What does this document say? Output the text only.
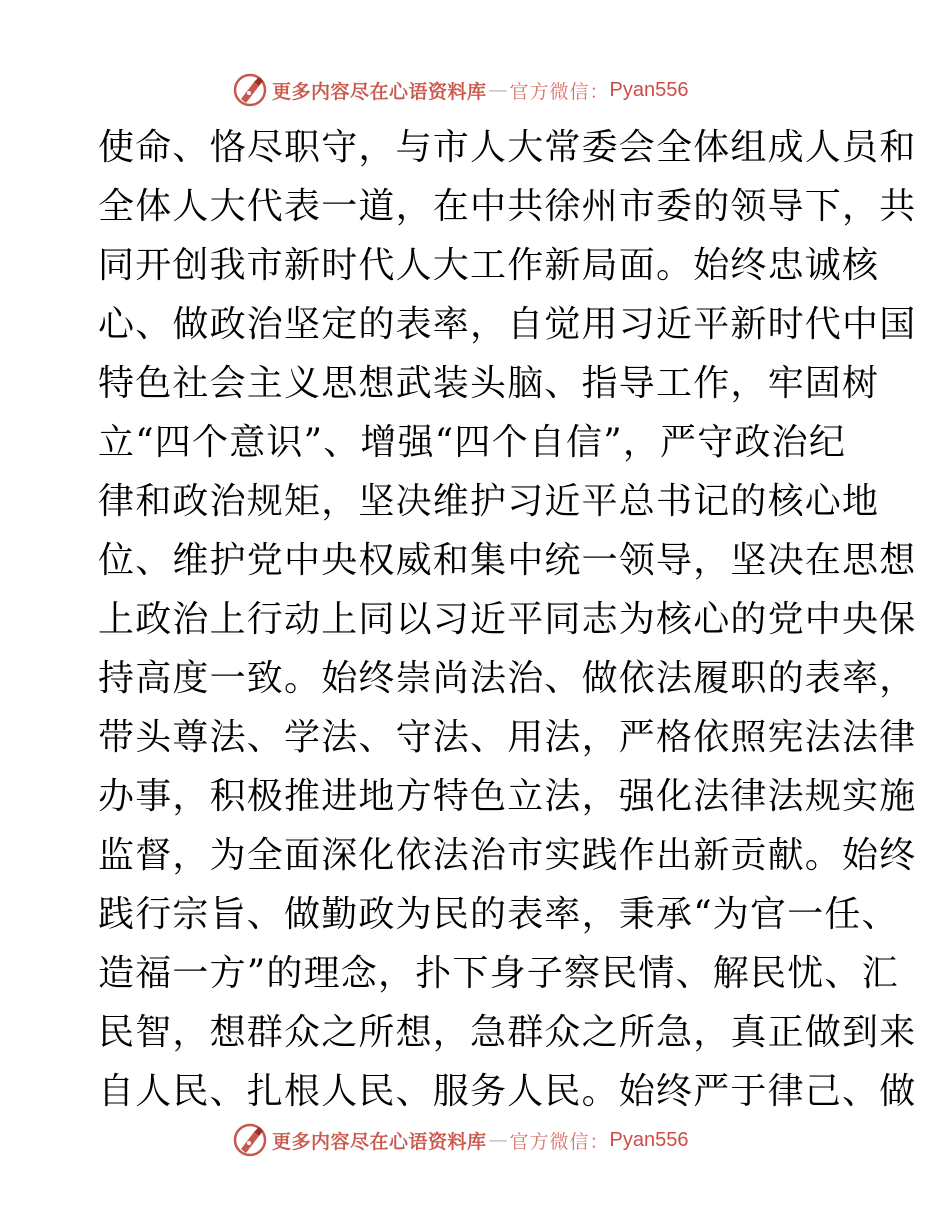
更多内容尽在心语资料库 — 官方微信： Pyan556
使命、恪尽职守，与市人大常委会全体组成人员和
全体人大代表一道，在中共徐州市委的领导下，共
同开创我市新时代人大工作新局面。始终忠诚核
心、做政治坚定的表率，自觉用习近平新时代中国
特色社会主义思想武装头脑、指导工作，牢固树
立“四个意识”、增强“四个自信”，严守政治纪
律和政治规矩，坚决维护习近平总书记的核心地
位、维护党中央权威和集中统一领导，坚决在思想
上政治上行动上同以习近平同志为核心的党中央保
持高度一致。始终崇尚法治、做依法履职的表率，
带头尊法、学法、守法、用法，严格依照宪法法律
办事，积极推进地方特色立法，强化法律法规实施
监督，为全面深化依法治市实践作出新贡献。始终
践行宗旨、做勤政为民的表率，秉承“为官一任、
造福一方”的理念，扑下身子察民情、解民忧、汇
民智，想群众之所想，急群众之所急，真正做到来
自人民、扎根人民、服务人民。始终严于律己、做
更多内容尽在心语资料库 — 官方微信： Pyan556
